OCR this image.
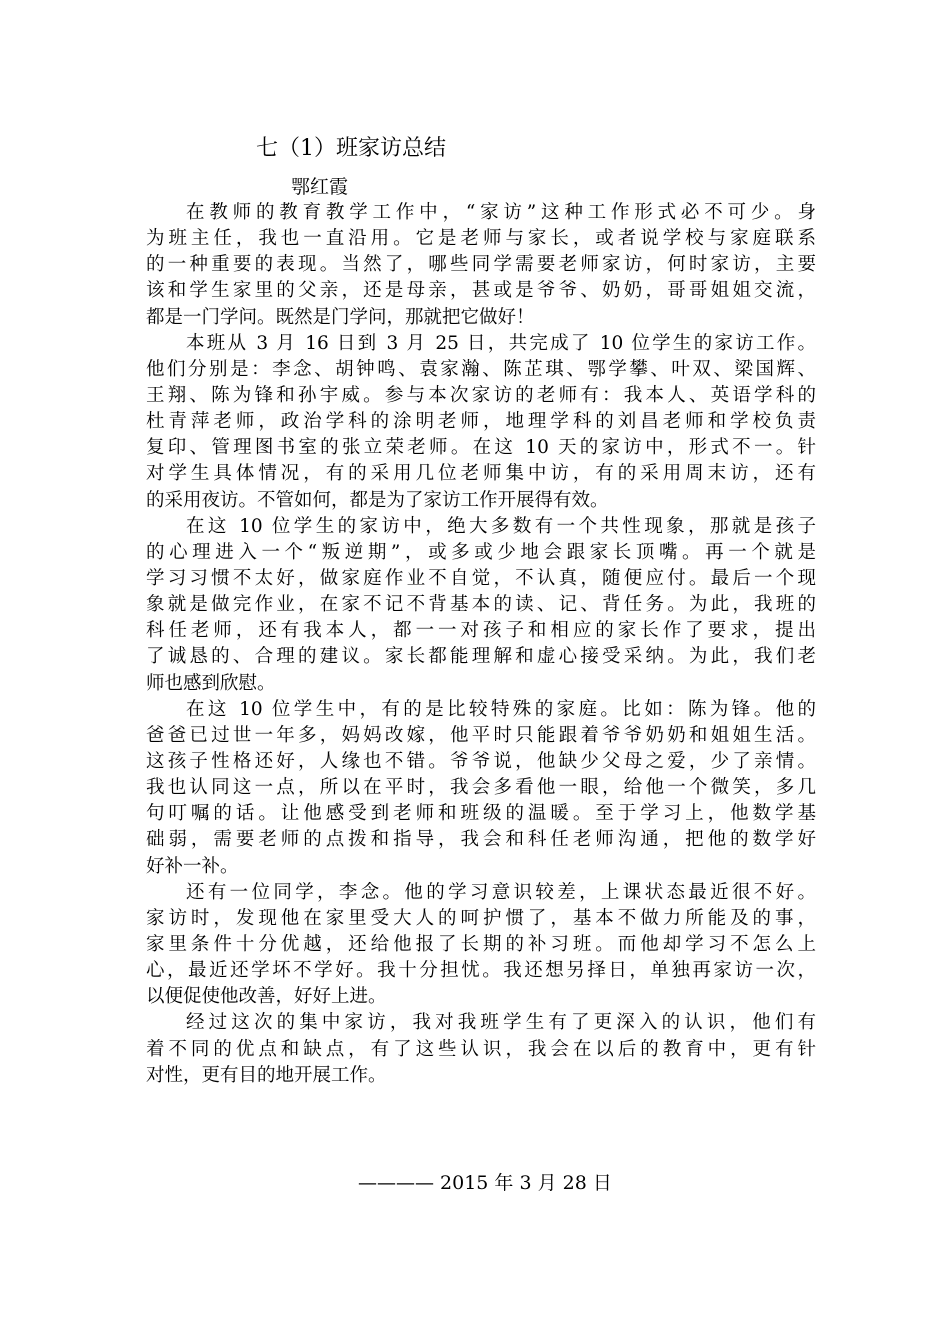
七（1）班家访总结
鄂红霞

在教师的教育教学工作中，“家访”这种工作形式必不可少。身
为班主任，我也一直沿用。它是老师与家长，或者说学校与家庭联系
的一种重要的表现。当然了，哪些同学需要老师家访，何时家访，主要
该和学生家里的父亲，还是母亲，甚或是爷爷、奶奶，哥哥姐姐交流，
都是一门学问。既然是门学问，那就把它做好！

本班从 3 月 16 日到 3 月 25 日，共完成了 10 位学生的家访工作。
他们分别是：李念、胡钟鸣、袁家瀚、陈芷琪、鄂学攀、叶双、梁国辉、
王翔、陈为锋和孙宇威。参与本次家访的老师有：我本人、英语学科的
杜青萍老师，政治学科的涂明老师，地理学科的刘昌老师和学校负责
复印、管理图书室的张立荣老师。在这 10 天的家访中，形式不一。针
对学生具体情况，有的采用几位老师集中访，有的采用周末访，还有
的采用夜访。不管如何，都是为了家访工作开展得有效。

在这 10 位学生的家访中，绝大多数有一个共性现象，那就是孩子
的心理进入一个“叛逆期”，或多或少地会跟家长顶嘴。再一个就是
学习习惯不太好，做家庭作业不自觉，不认真，随便应付。最后一个现
象就是做完作业，在家不记不背基本的读、记、背任务。为此，我班的
科任老师，还有我本人，都一一对孩子和相应的家长作了要求，提出
了诚恳的、合理的建议。家长都能理解和虚心接受采纳。为此，我们老
师也感到欣慰。

在这 10 位学生中，有的是比较特殊的家庭。比如：陈为锋。他的
爸爸已过世一年多，妈妈改嫁，他平时只能跟着爷爷奶奶和姐姐生活。
这孩子性格还好，人缘也不错。爷爷说，他缺少父母之爱，少了亲情。
我也认同这一点，所以在平时，我会多看他一眼，给他一个微笑，多几
句叮嘱的话。让他感受到老师和班级的温暖。至于学习上，他数学基
础弱，需要老师的点拨和指导，我会和科任老师沟通，把他的数学好
好补一补。

还有一位同学，李念。他的学习意识较差，上课状态最近很不好。
家访时，发现他在家里受大人的呵护惯了，基本不做力所能及的事，
家里条件十分优越，还给他报了长期的补习班。而他却学习不怎么上
心，最近还学坏不学好。我十分担忧。我还想另择日，单独再家访一次，
以便促使他改善，好好上进。

经过这次的集中家访，我对我班学生有了更深入的认识，他们有
着不同的优点和缺点，有了这些认识，我会在以后的教育中，更有针
对性，更有目的地开展工作。

———— 2015 年 3 月 28 日
